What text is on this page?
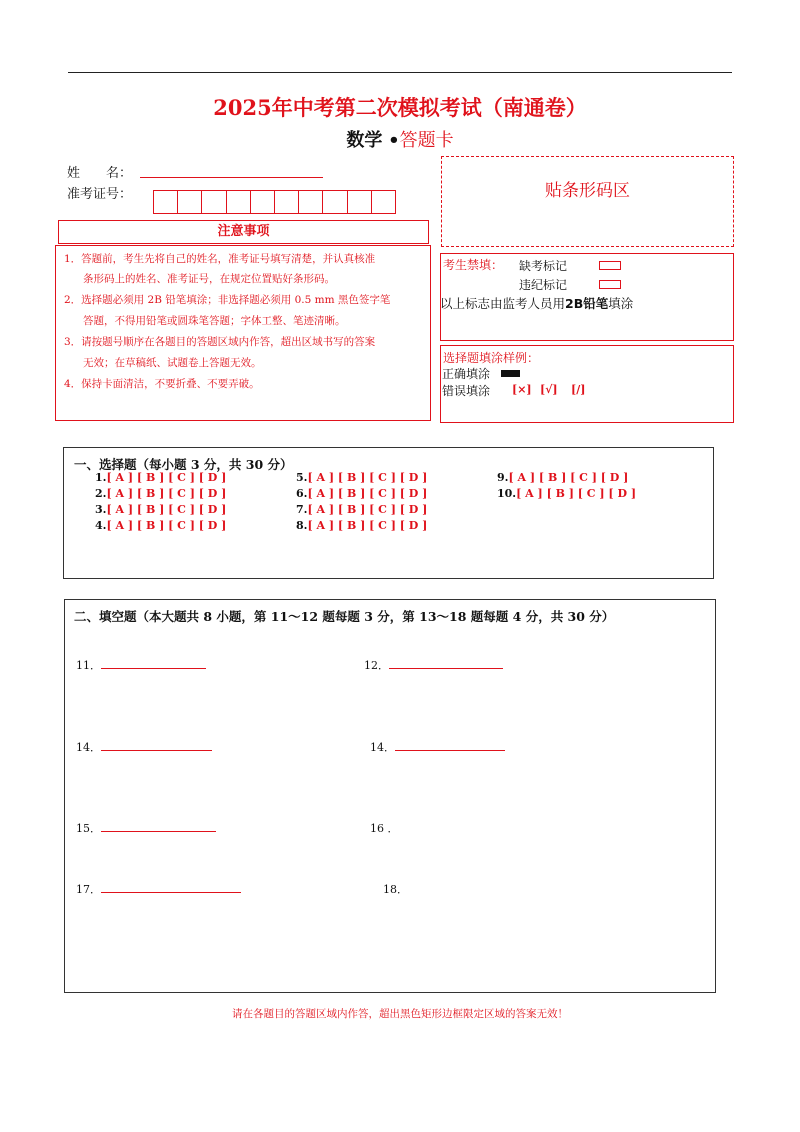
2025年中考第二次模拟考试（南通卷）
数学 •答题卡
姓　　名：
准考证号：	贴条形码区
注意事项
1．答题前，考生先将自己的姓名，准考证号填写清楚，并认真核准
条形码上的姓名、准考证号，在规定位置贴好条形码。
2．选择题必须用 2B 铅笔填涂；非选择题必须用 0.5 mm 黑色签字笔
答题，不得用铅笔或圆珠笔答题；字体工整、笔迹清晰。
3．请按题号顺序在各题目的答题区域内作答，超出区域书写的答案
无效；在草稿纸、试题卷上答题无效。
4．保持卡面清洁，不要折叠、不要弄破。
考生禁填： 缺考标记
违纪标记
以上标志由监考人员用2B铅笔填涂
选择题填涂样例：
正确填涂
错误填涂 [×] [√] [/]
一、选择题（每小题 3 分，共 30 分）
1.[ A ] [ B ] [ C ] [ D ]
2.[ A ] [ B ] [ C ] [ D ]
3.[ A ] [ B ] [ C ] [ D ]
4.[ A ] [ B ] [ C ] [ D ]
5.[ A ] [ B ] [ C ] [ D ]
6.[ A ] [ B ] [ C ] [ D ]
7.[ A ] [ B ] [ C ] [ D ]
8.[ A ] [ B ] [ C ] [ D ]
9.[ A ] [ B ] [ C ] [ D ]
10.[ A ] [ B ] [ C ] [ D ]
二、填空题（本大题共 8 小题，第 11～12 题每题 3 分，第 13～18 题每题 4 分，共 30 分）
11．	12．
14．	14．
15．	16 ．
17．	18．
请在各题目的答题区域内作答，超出黑色矩形边框限定区域的答案无效！
